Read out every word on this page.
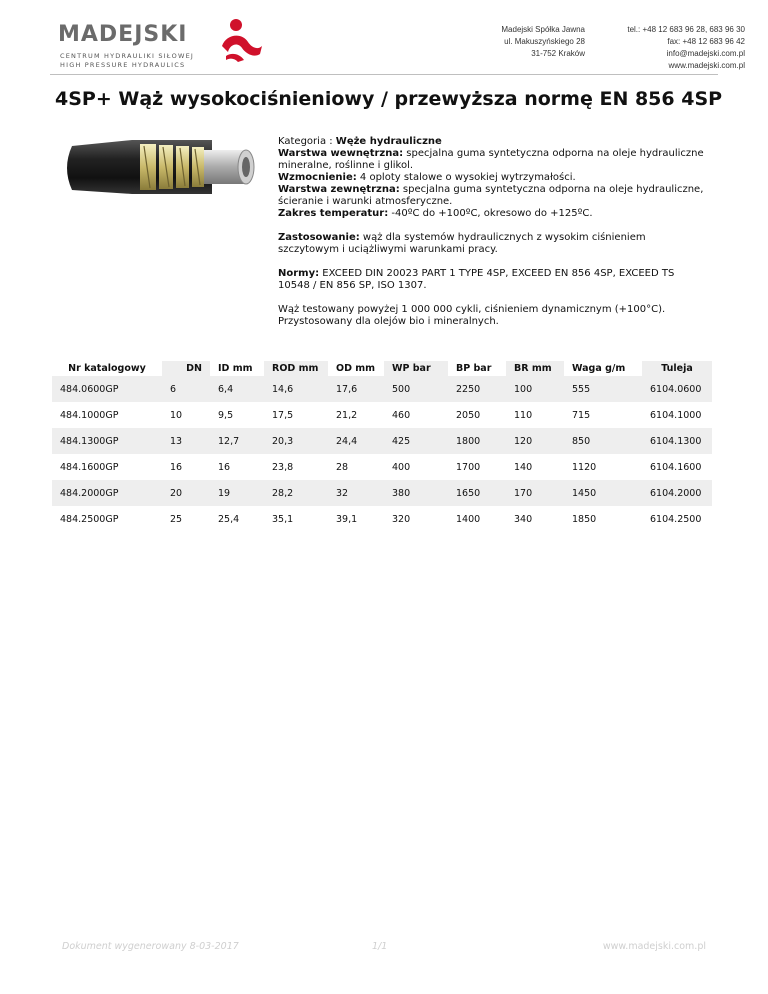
MADEJSKI
CENTRUM HYDRAULIKI SIŁOWEJ
HIGH PRESSURE HYDRAULICS
Madejski Spółka Jawna
ul. Makuszyńskiego 28
31-752 Kraków
tel.: +48 12 683 96 28, 683 96 30
fax: +48 12 683 96 42
info@madejski.com.pl
www.madejski.com.pl
4SP+ Wąż wysokociśnieniowy / przewyższa normę EN 856 4SP
Kategoria : Węże hydrauliczne
Warstwa wewnętrzna: specjalna guma syntetyczna odporna na oleje hydrauliczne mineralne, roślinne i glikol.
Wzmocnienie: 4 oploty stalowe o wysokiej wytrzymałości.
Warstwa zewnętrzna: specjalna guma syntetyczna odporna na oleje hydrauliczne, ścieranie i warunki atmosferyczne.

Zakres temperatur: -40ºC do +100ºC, okresowo do +125ºC.

Zastosowanie: wąż dla systemów hydraulicznych z wysokim ciśnieniem szczytowym i uciążliwymi warunkami pracy.

Normy: EXCEED DIN 20023 PART 1 TYPE 4SP, EXCEED EN 856 4SP, EXCEED TS 10548 / EN 856 SP, ISO 1307.

Wąż testowany powyżej 1 000 000 cykli, ciśnieniem dynamicznym (+100°C). Przystosowany dla olejów bio i mineralnych.

Nr katalogowy	DN	ID mm	ROD mm	OD mm	WP bar	BP bar	BR mm	Waga g/m	Tuleja
484.0600GP	6	6,4	14,6	17,6	500	2250	100	555	6104.0600
484.1000GP	10	9,5	17,5	21,2	460	2050	110	715	6104.1000
484.1300GP	13	12,7	20,3	24,4	425	1800	120	850	6104.1300
484.1600GP	16	16	23,8	28	400	1700	140	1120	6104.1600
484.2000GP	20	19	28,2	32	380	1650	170	1450	6104.2000
484.2500GP	25	25,4	35,1	39,1	320	1400	340	1850	6104.2500
Dokument wygenerowany 8-03-2017	1/1	www.madejski.com.pl
